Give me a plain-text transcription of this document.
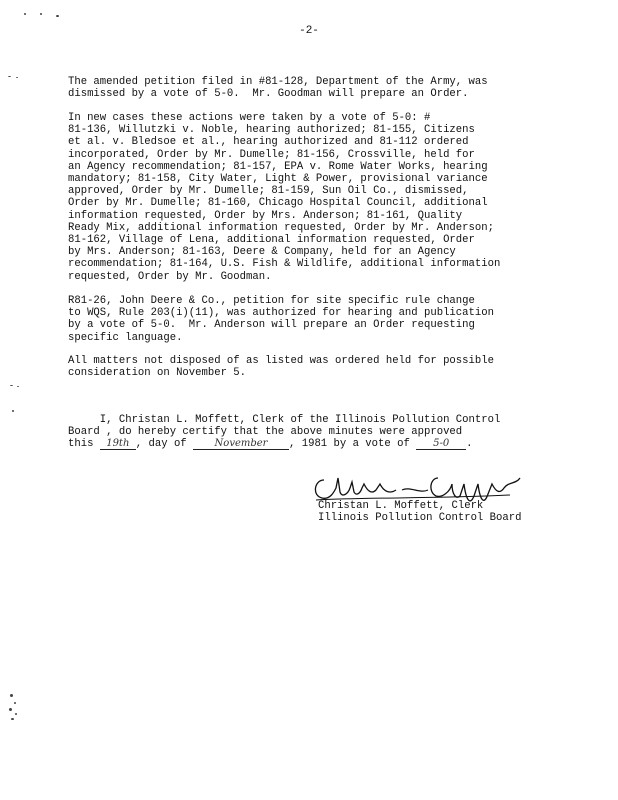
-2-
The amended petition filed in #81-128, Department of the Army, was
dismissed by a vote of 5-0.  Mr. Goodman will prepare an Order.
In new cases these actions were taken by a vote of 5-0: #
81-136, Willutzki v. Noble, hearing authorized; 81-155, Citizens
et al. v. Bledsoe et al., hearing authorized and 81-112 ordered
incorporated, Order by Mr. Dumelle; 81-156, Crossville, held for
an Agency recommendation; 81-157, EPA v. Rome Water Works, hearing
mandatory; 81-158, City Water, Light & Power, provisional variance
approved, Order by Mr. Dumelle; 81-159, Sun Oil Co., dismissed,
Order by Mr. Dumelle; 81-160, Chicago Hospital Council, additional
information requested, Order by Mrs. Anderson; 81-161, Quality
Ready Mix, additional information requested, Order by Mr. Anderson;
81-162, Village of Lena, additional information requested, Order
by Mrs. Anderson; 81-163, Deere & Company, held for an Agency
recommendation; 81-164, U.S. Fish & Wildlife, additional information
requested, Order by Mr. Goodman.
R81-26, John Deere & Co., petition for site specific rule change
to WQS, Rule 203(i)(11), was authorized for hearing and publication
by a vote of 5-0.  Mr. Anderson will prepare an Order requesting
specific language.
All matters not disposed of as listed was ordered held for possible
consideration on November 5.
I, Christan L. Moffett, Clerk of the Illinois Pollution Control
Board , do hereby certify that the above minutes were approved
this 19th , day of	November , 1981 by a vote of 5-0 .
Christan L. Moffett, Clerk
Illinois Pollution Control Board
